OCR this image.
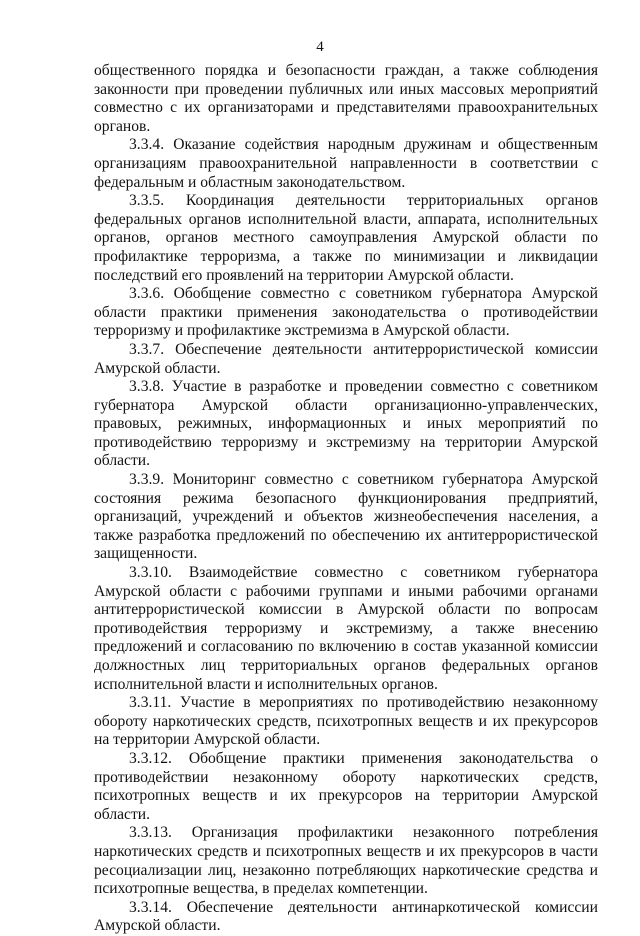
4

общественного порядка и безопасности граждан, а также соблюдения законности при проведении публичных или иных массовых мероприятий совместно с их организаторами и представителями правоохранительных органов.

3.3.4. Оказание содействия народным дружинам и общественным организациям правоохранительной направленности в соответствии с федеральным и областным законодательством.

3.3.5. Координация деятельности территориальных органов федеральных органов исполнительной власти, аппарата, исполнительных органов, органов местного самоуправления Амурской области по профилактике терроризма, а также по минимизации и ликвидации последствий его проявлений на территории Амурской области.

3.3.6. Обобщение совместно с советником губернатора Амурской области практики применения законодательства о противодействии терроризму и профилактике экстремизма в Амурской области.

3.3.7. Обеспечение деятельности антитеррористической комиссии Амурской области.

3.3.8. Участие в разработке и проведении совместно с советником губернатора Амурской области организационно-управленческих, правовых, режимных, информационных и иных мероприятий по противодействию терроризму и экстремизму на территории Амурской области.

3.3.9. Мониторинг совместно с советником губернатора Амурской состояния режима безопасного функционирования предприятий, организаций, учреждений и объектов жизнеобеспечения населения, а также разработка предложений по обеспечению их антитеррористической защищенности.

3.3.10. Взаимодействие совместно с советником губернатора Амурской области с рабочими группами и иными рабочими органами антитеррористической комиссии в Амурской области по вопросам противодействия терроризму и экстремизму, а также внесению предложений и согласованию по включению в состав указанной комиссии должностных лиц территориальных органов федеральных органов исполнительной власти и исполнительных органов.

3.3.11. Участие в мероприятиях по противодействию незаконному обороту наркотических средств, психотропных веществ и их прекурсоров на территории Амурской области.

3.3.12. Обобщение практики применения законодательства о противодействии незаконному обороту наркотических средств, психотропных веществ и их прекурсоров на территории Амурской области.

3.3.13. Организация профилактики незаконного потребления наркотических средств и психотропных веществ и их прекурсоров в части ресоциализации лиц, незаконно потребляющих наркотические средства и психотропные вещества, в пределах компетенции.

3.3.14. Обеспечение деятельности антинаркотической комиссии Амурской области.
